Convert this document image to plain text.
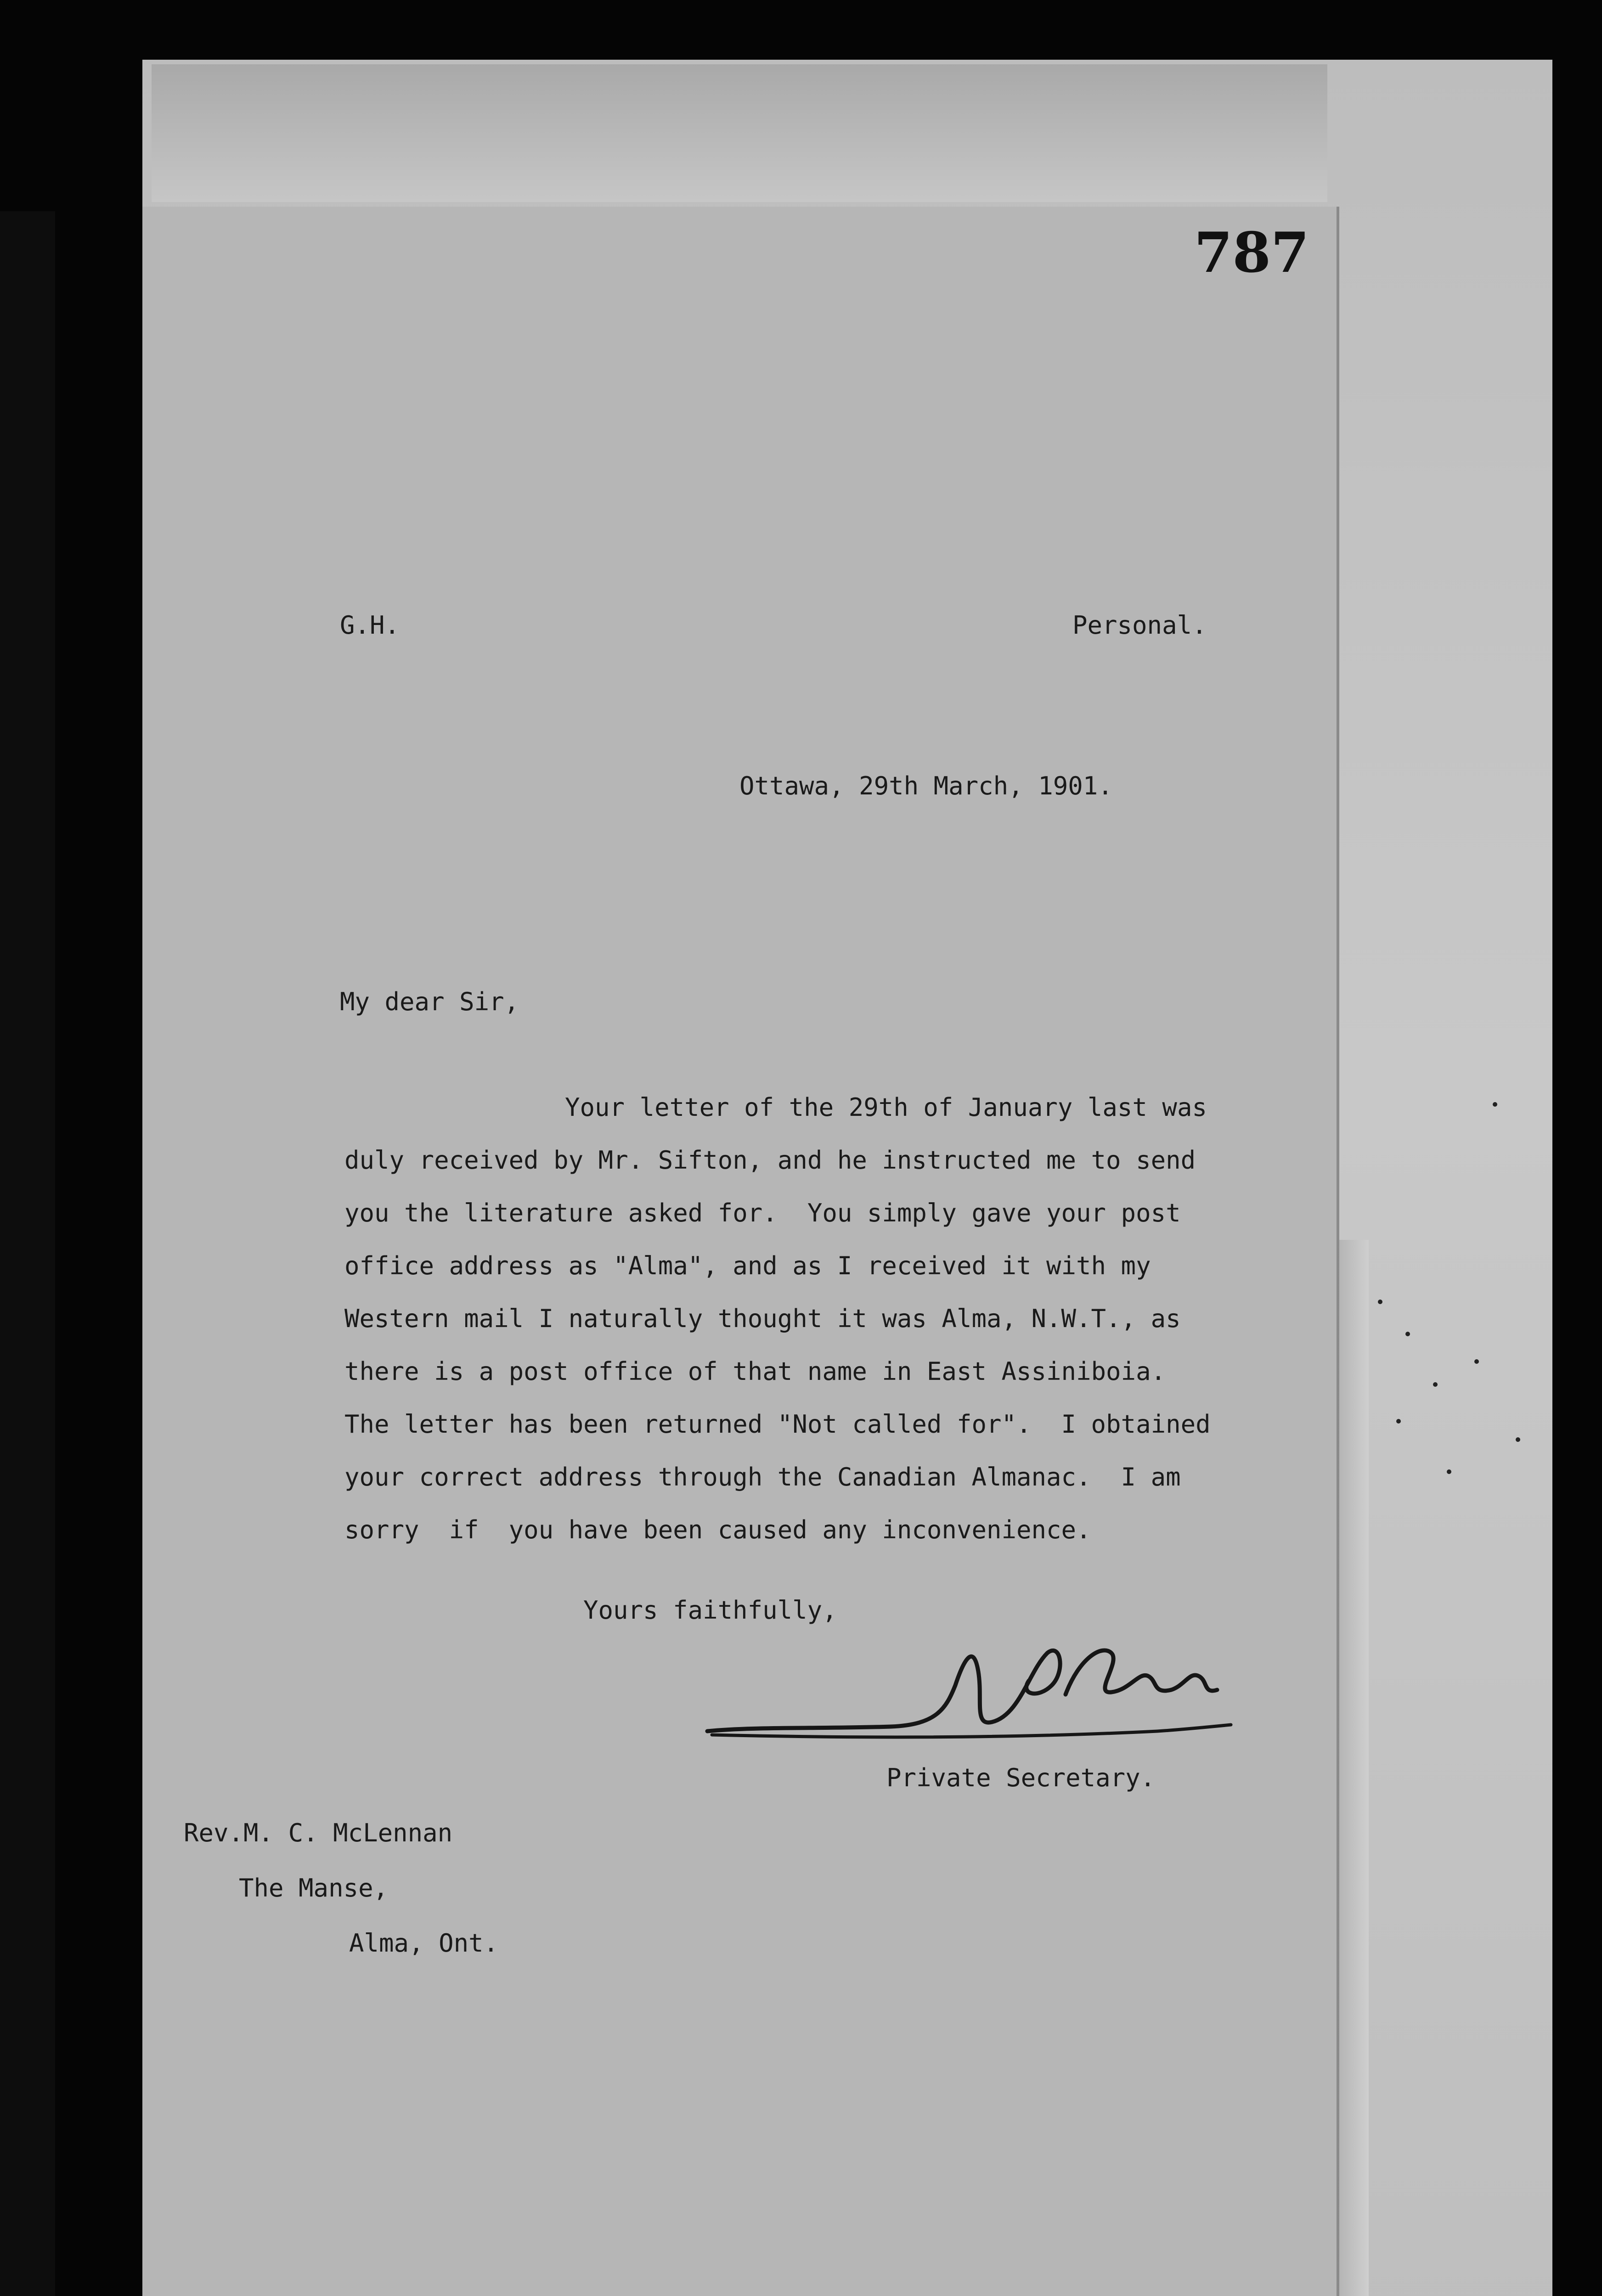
787
G.H.	Personal.
Ottawa, 29th March, 1901.
My dear Sir,
Your letter of the 29th of January last was
duly received by Mr. Sifton, and he instructed me to send
you the literature asked for.  You simply gave your post
office address as "Alma", and as I received it with my
Western mail I naturally thought it was Alma, N.W.T., as
there is a post office of that name in East Assiniboia.
The letter has been returned "Not called for".  I obtained
your correct address through the Canadian Almanac.  I am
sorry  if  you have been caused any inconvenience.
Yours faithfully,
Private Secretary.
Rev.M. C. McLennan
The Manse,
Alma, Ont.
